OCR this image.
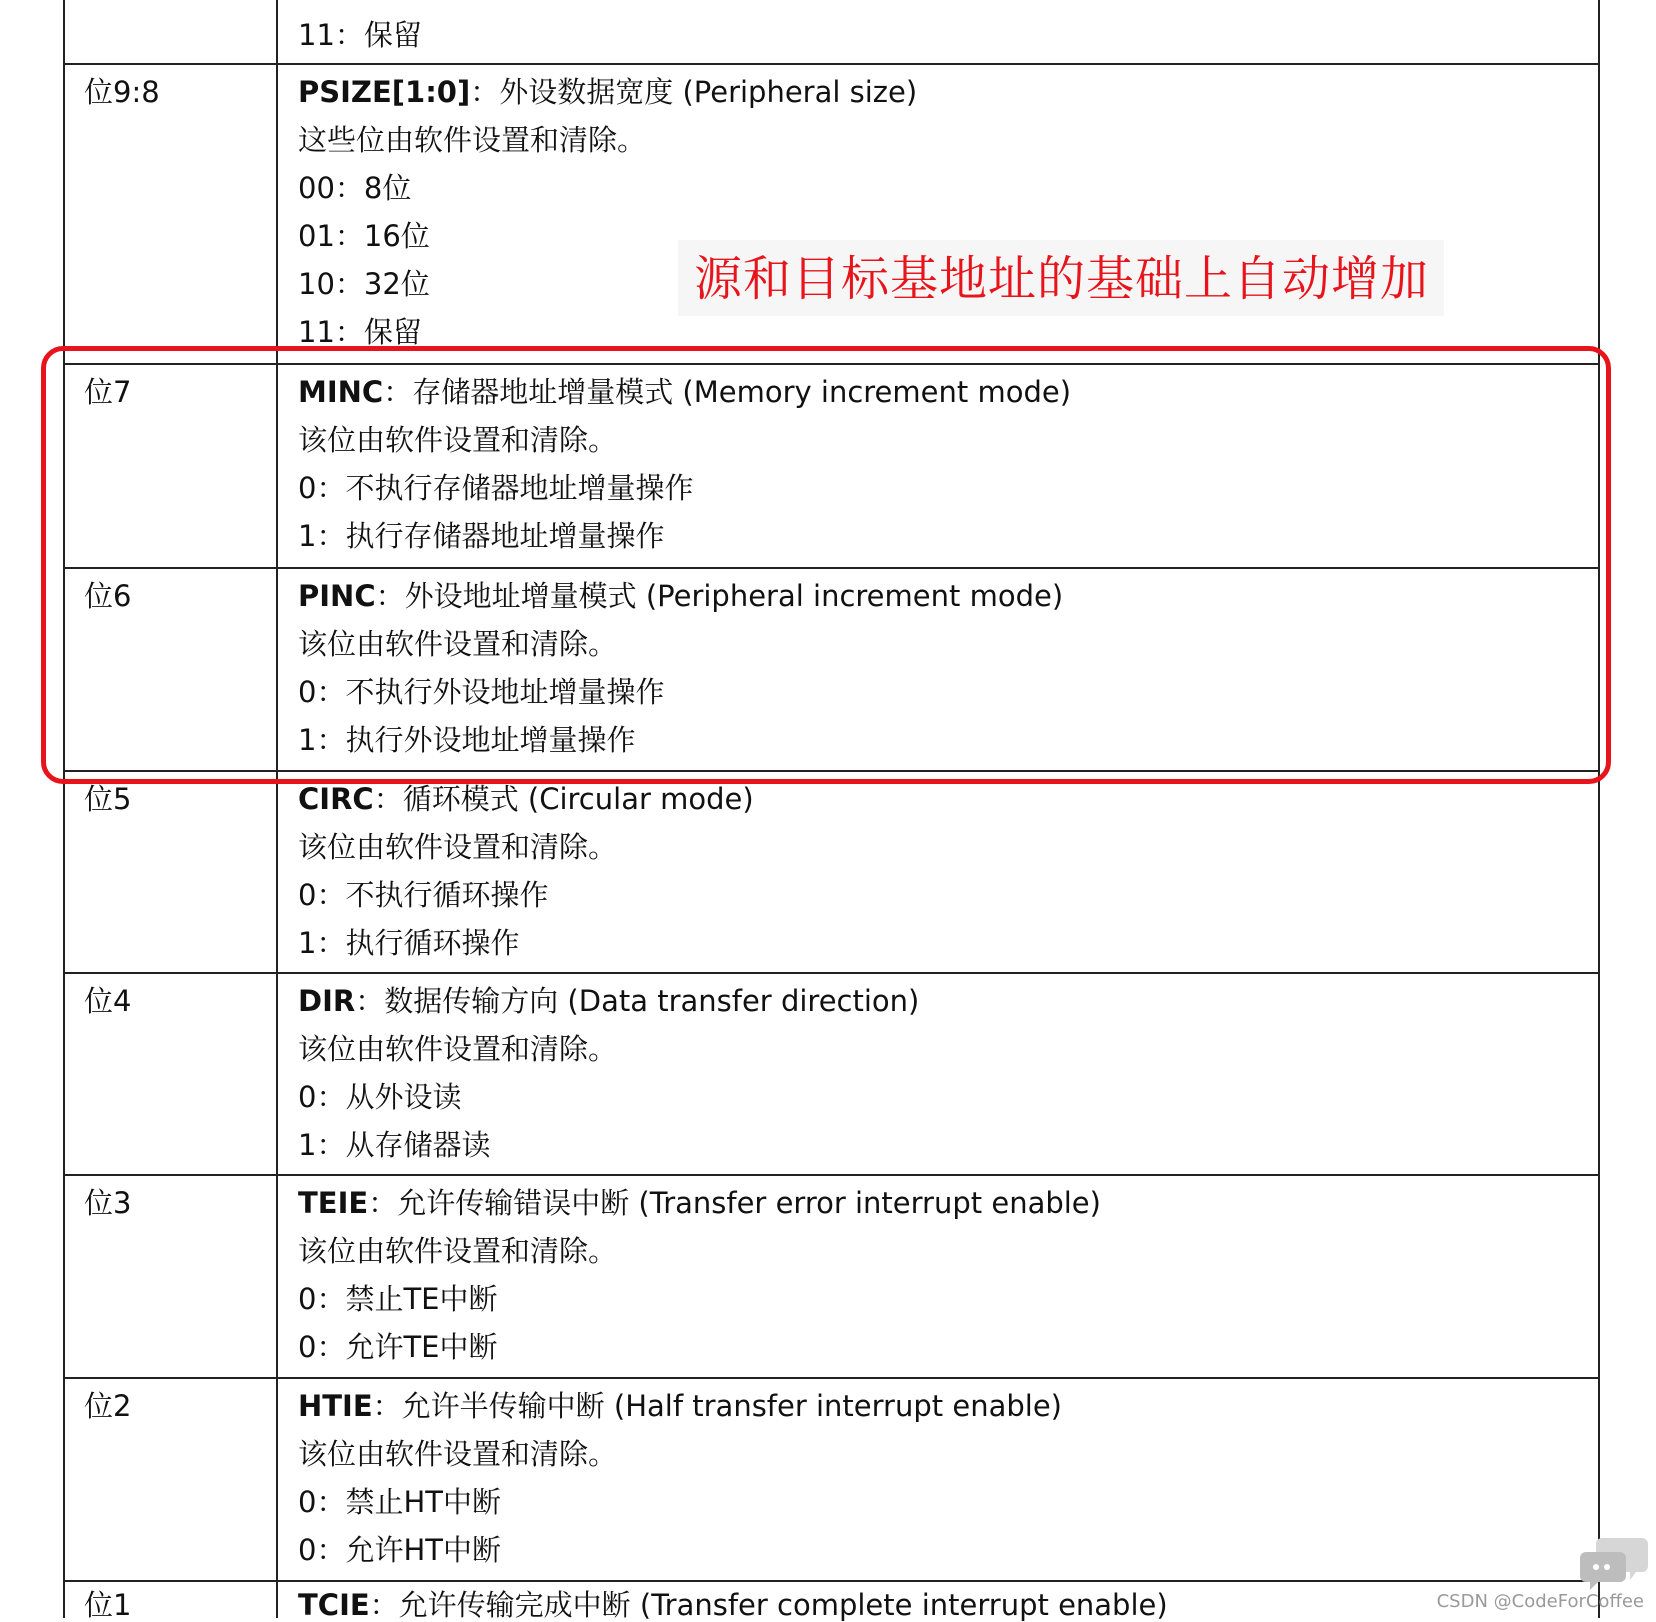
11：保留
位9:8	PSIZE[1:0]：外设数据宽度 (Peripheral size)
这些位由软件设置和清除。
00：8位
01：16位
10：32位
11：保留
位7	MINC：存储器地址增量模式 (Memory increment mode)
该位由软件设置和清除。
0：不执行存储器地址增量操作
1：执行存储器地址增量操作
位6	PINC：外设地址增量模式 (Peripheral increment mode)
该位由软件设置和清除。
0：不执行外设地址增量操作
1：执行外设地址增量操作
位5	CIRC：循环模式 (Circular mode)
该位由软件设置和清除。
0：不执行循环操作
1：执行循环操作
位4	DIR：数据传输方向 (Data transfer direction)
该位由软件设置和清除。
0：从外设读
1：从存储器读
位3	TEIE：允许传输错误中断 (Transfer error interrupt enable)
该位由软件设置和清除。
0：禁止TE中断
0：允许TE中断
位2	HTIE：允许半传输中断 (Half transfer interrupt enable)
该位由软件设置和清除。
0：禁止HT中断
0：允许HT中断
位1	TCIE：允许传输完成中断 (Transfer complete interrupt enable)
源和目标基地址的基础上自动增加
CSDN @CodeForCoffee
